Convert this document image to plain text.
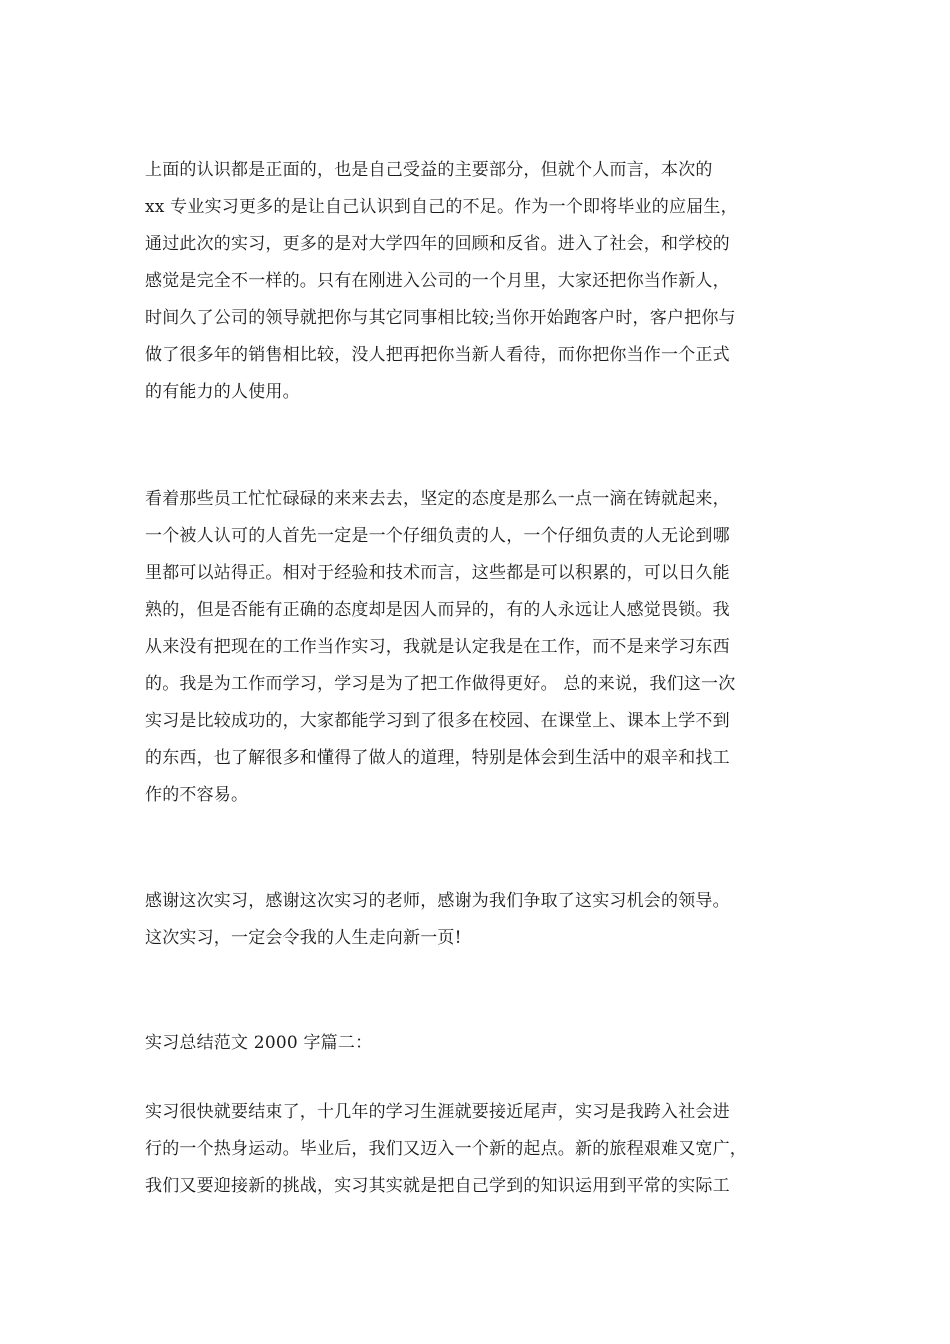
上面的认识都是正面的，也是自己受益的主要部分，但就个人而言，本次的
xx 专业实习更多的是让自己认识到自己的不足。作为一个即将毕业的应届生，
通过此次的实习，更多的是对大学四年的回顾和反省。进入了社会，和学校的
感觉是完全不一样的。只有在刚进入公司的一个月里，大家还把你当作新人，
时间久了公司的领导就把你与其它同事相比较;当你开始跑客户时，客户把你与
做了很多年的销售相比较，没人把再把你当新人看待，而你把你当作一个正式
的有能力的人使用。
看着那些员工忙忙碌碌的来来去去，坚定的态度是那么一点一滴在铸就起来，
一个被人认可的人首先一定是一个仔细负责的人，一个仔细负责的人无论到哪
里都可以站得正。相对于经验和技术而言，这些都是可以积累的，可以日久能
熟的，但是否能有正确的态度却是因人而异的，有的人永远让人感觉畏锁。我
从来没有把现在的工作当作实习，我就是认定我是在工作，而不是来学习东西
的。我是为工作而学习，学习是为了把工作做得更好。 总的来说，我们这一次
实习是比较成功的，大家都能学习到了很多在校园、在课堂上、课本上学不到
的东西，也了解很多和懂得了做人的道理，特别是体会到生活中的艰辛和找工
作的不容易。
感谢这次实习，感谢这次实习的老师，感谢为我们争取了这实习机会的领导。
这次实习，一定会令我的人生走向新一页!
实习总结范文 2000 字篇二：
实习很快就要结束了，十几年的学习生涯就要接近尾声，实习是我跨入社会进
行的一个热身运动。毕业后，我们又迈入一个新的起点。新的旅程艰难又宽广，
我们又要迎接新的挑战，实习其实就是把自己学到的知识运用到平常的实际工
